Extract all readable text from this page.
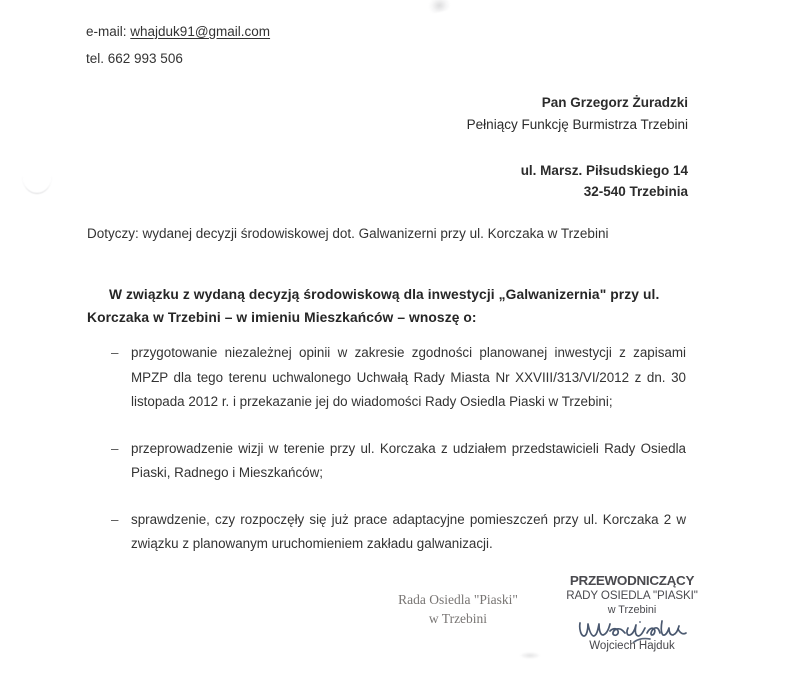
e-mail: whajduk91@gmail.com
tel. 662 993 506
Pan Grzegorz Żuradzki
Pełniący Funkcję Burmistrza Trzebini
ul. Marsz. Piłsudskiego 14
32-540 Trzebinia
Dotyczy: wydanej decyzji środowiskowej dot. Galwanizerni przy ul. Korczaka w Trzebini
W związku z wydaną decyzją środowiskową dla inwestycji „Galwanizernia" przy ul. Korczaka w Trzebini – w imieniu Mieszkańców – wnoszę o:
– przygotowanie niezależnej opinii w zakresie zgodności planowanej inwestycji z zapisami MPZP dla tego terenu uchwalonego Uchwałą Rady Miasta Nr XXVIII/313/VI/2012 z dn. 30 listopada 2012 r. i przekazanie jej do wiadomości Rady Osiedla Piaski w Trzebini;
– przeprowadzenie wizji w terenie przy ul. Korczaka z udziałem przedstawicieli Rady Osiedla Piaski, Radnego i Mieszkańców;
– sprawdzenie, czy rozpoczęły się już prace adaptacyjne pomieszczeń przy ul. Korczaka 2 w związku z planowanym uruchomieniem zakładu galwanizacji.
Rada Osiedla "Piaski"
w Trzebini
PRZEWODNICZĄCY
RADY OSIEDLA "PIASKI"
w Trzebini
Wojciech Hajduk
